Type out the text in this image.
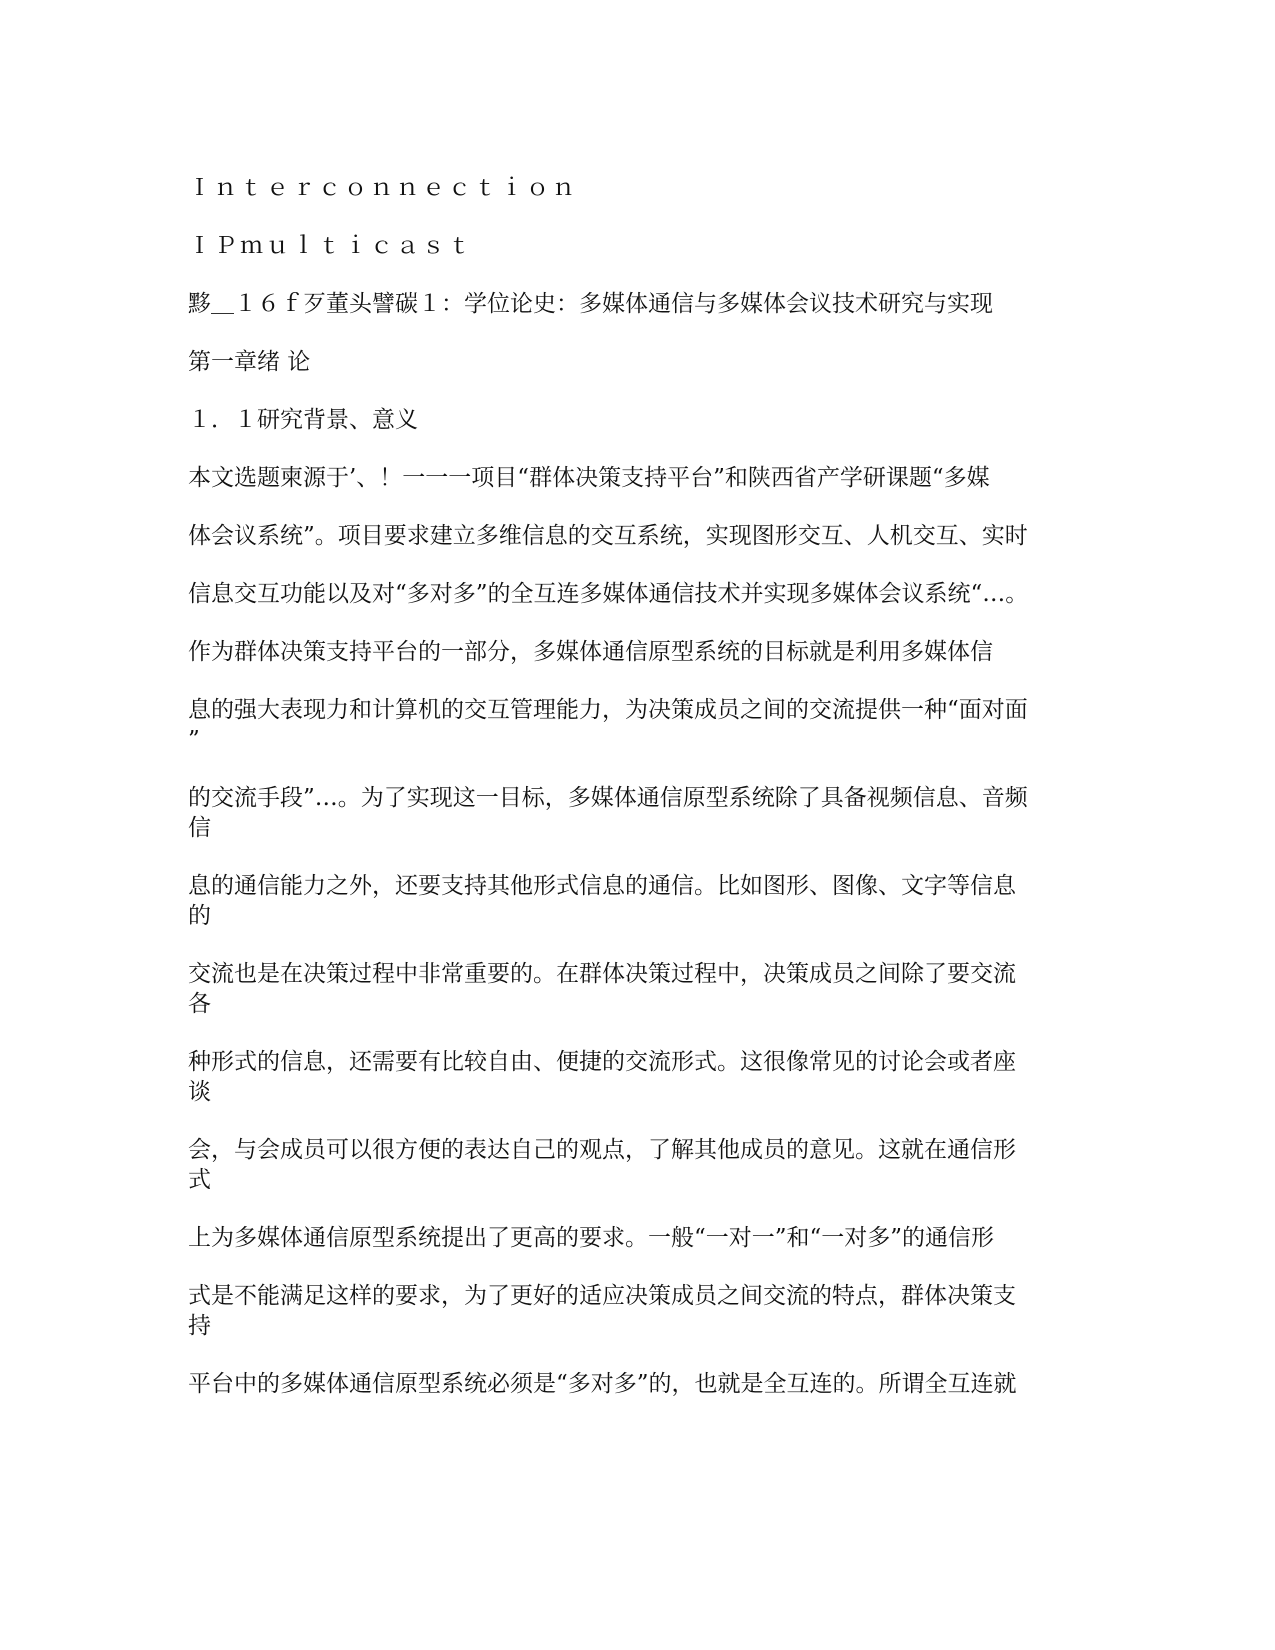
Ｉｎｔｅｒｃｏｎｎｅｃｔｉｏｎ
ＩＰｍｕｌｔｉｃａｓｔ
黟＿１６ｆ歹董头譬碳１：学位论史：多媒体通信与多媒体会议技术研究与实现
第一章绪 论
１．１研究背景、意义
本文选题柬源于’、！一一一项目“群体决策支持平台”和陕西省产学研课题“多媒
体会议系统”。项目要求建立多维信息的交互系统，实现图形交互、人机交互、实时
信息交互功能以及对“多对多”的全互连多媒体通信技术并实现多媒体会议系统“…。
作为群体决策支持平台的一部分，多媒体通信原型系统的目标就是利用多媒体信
息的强大表现力和计算机的交互管理能力，为决策成员之间的交流提供一种“面对面
”
的交流手段”…。为了实现这一目标，多媒体通信原型系统除了具备视频信息、音频
信
息的通信能力之外，还要支持其他形式信息的通信。比如图形、图像、文字等信息
的
交流也是在决策过程中非常重要的。在群体决策过程中，决策成员之间除了要交流
各
种形式的信息，还需要有比较自由、便捷的交流形式。这很像常见的讨论会或者座
谈
会，与会成员可以很方便的表达自己的观点，了解其他成员的意见。这就在通信形
式
上为多媒体通信原型系统提出了更高的要求。一般“一对一”和“一对多”的通信形
式是不能满足这样的要求，为了更好的适应决策成员之间交流的特点，群体决策支
持
平台中的多媒体通信原型系统必须是“多对多”的，也就是全互连的。所谓全互连就
